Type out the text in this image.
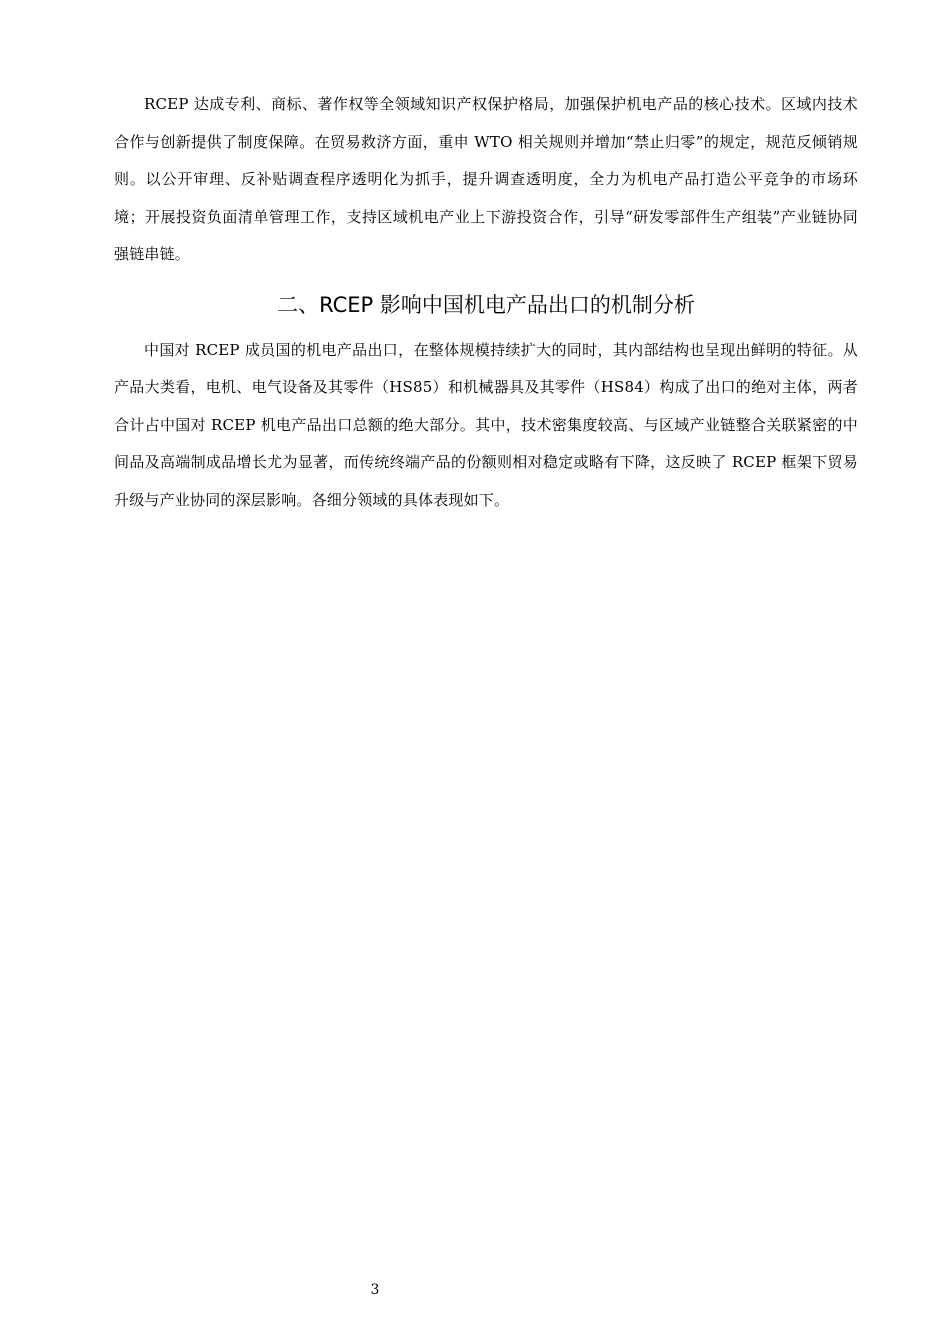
RCEP 达成专利、商标、著作权等全领域知识产权保护格局，加强保护机电产品的核心技术。区域内技术合作与创新提供了制度保障。在贸易救济方面，重申 WTO 相关规则并增加“禁止归零”的规定，规范反倾销规则。以公开审理、反补贴调查程序透明化为抓手，提升调查透明度，全力为机电产品打造公平竞争的市场环境；开展投资负面清单管理工作，支持区域机电产业上下游投资合作，引导“研发零部件生产组装”产业链协同强链串链。

二、RCEP 影响中国机电产品出口的机制分析

中国对 RCEP 成员国的机电产品出口，在整体规模持续扩大的同时，其内部结构也呈现出鲜明的特征。从产品大类看，电机、电气设备及其零件（HS85）和机械器具及其零件（HS84）构成了出口的绝对主体，两者合计占中国对 RCEP 机电产品出口总额的绝大部分。其中，技术密集度较高、与区域产业链整合关联紧密的中间品及高端制成品增长尤为显著，而传统终端产品的份额则相对稳定或略有下降，这反映了 RCEP 框架下贸易升级与产业协同的深层影响。各细分领域的具体表现如下。

3
